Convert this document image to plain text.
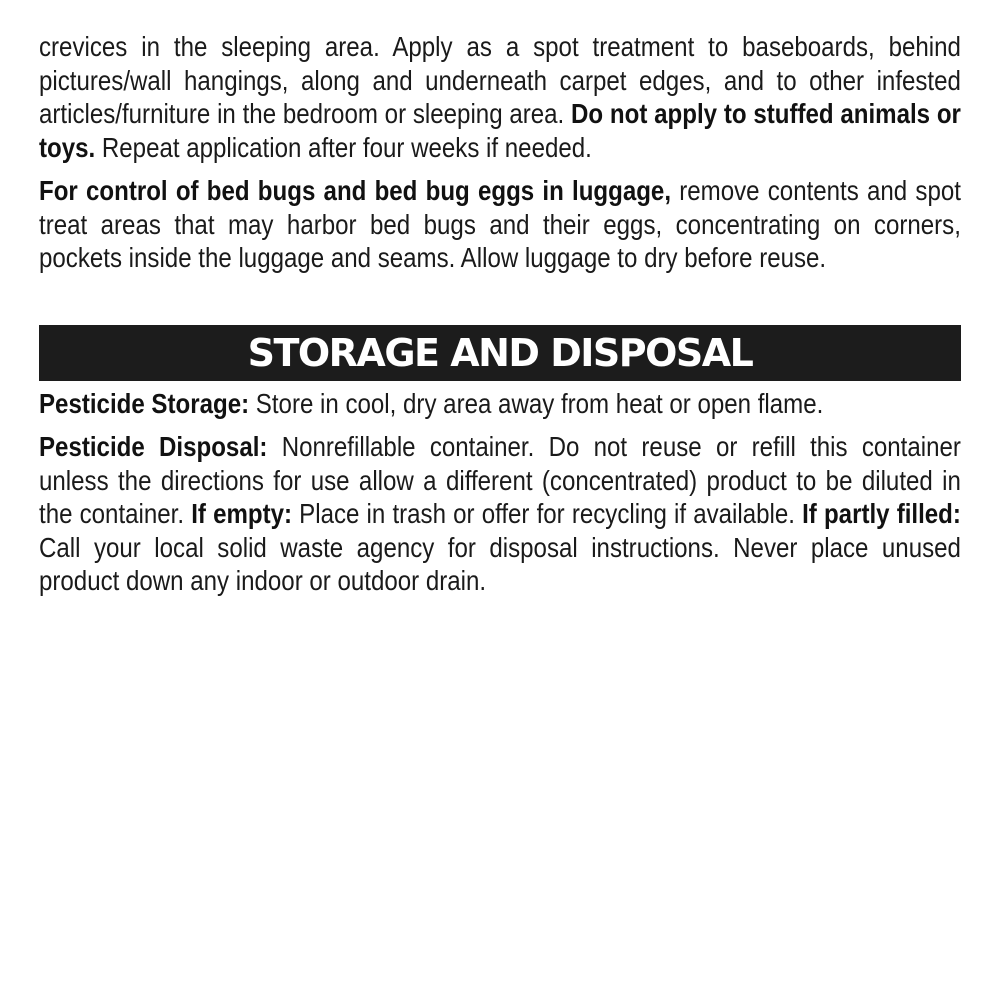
crevices in the sleeping area. Apply as a spot treatment to baseboards, behind pictures/wall hangings, along and underneath carpet edges, and to other infested articles/furniture in the bedroom or sleeping area. Do not apply to stuffed animals or toys. Repeat application after four weeks if needed.

For control of bed bugs and bed bug eggs in luggage, remove contents and spot treat areas that may harbor bed bugs and their eggs, concentrating on corners, pockets inside the luggage and seams. Allow luggage to dry before reuse.

STORAGE AND DISPOSAL

Pesticide Storage: Store in cool, dry area away from heat or open flame.

Pesticide Disposal: Nonrefillable container. Do not reuse or refill this container unless the directions for use allow a different (concentrated) product to be diluted in the container. If empty: Place in trash or offer for recycling if available. If partly filled: Call your local solid waste agency for disposal instructions. Never place unused product down any indoor or outdoor drain.
